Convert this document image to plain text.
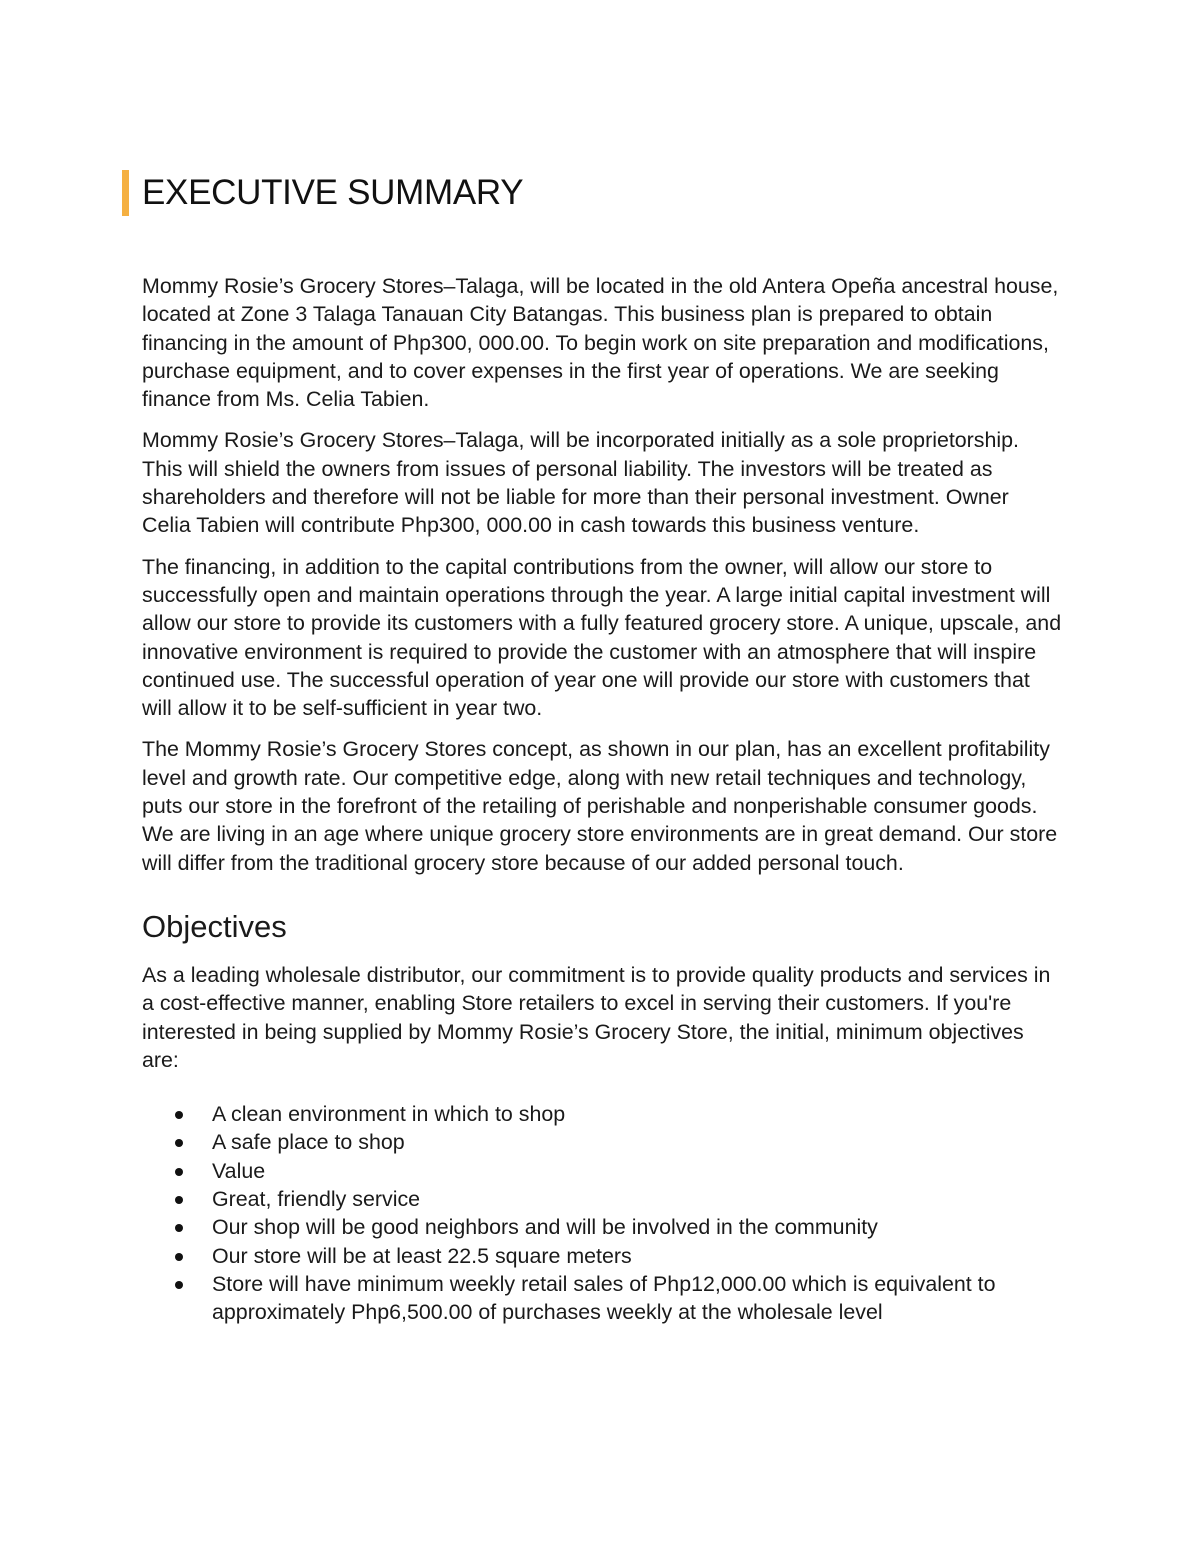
EXECUTIVE SUMMARY

Mommy Rosie’s Grocery Stores–Talaga, will be located in the old Antera Opeña ancestral house, located at Zone 3 Talaga Tanauan City Batangas. This business plan is prepared to obtain financing in the amount of Php300, 000.00. To begin work on site preparation and modifications, purchase equipment, and to cover expenses in the first year of operations. We are seeking finance from Ms. Celia Tabien.

Mommy Rosie’s Grocery Stores–Talaga, will be incorporated initially as a sole proprietorship. This will shield the owners from issues of personal liability. The investors will be treated as shareholders and therefore will not be liable for more than their personal investment. Owner Celia Tabien will contribute Php300, 000.00 in cash towards this business venture.

The financing, in addition to the capital contributions from the owner, will allow our store to successfully open and maintain operations through the year. A large initial capital investment will allow our store to provide its customers with a fully featured grocery store. A unique, upscale, and innovative environment is required to provide the customer with an atmosphere that will inspire continued use. The successful operation of year one will provide our store with customers that will allow it to be self-sufficient in year two.

The Mommy Rosie’s Grocery Stores concept, as shown in our plan, has an excellent profitability level and growth rate. Our competitive edge, along with new retail techniques and technology, puts our store in the forefront of the retailing of perishable and nonperishable consumer goods. We are living in an age where unique grocery store environments are in great demand. Our store will differ from the traditional grocery store because of our added personal touch.

Objectives

As a leading wholesale distributor, our commitment is to provide quality products and services in a cost-effective manner, enabling Store retailers to excel in serving their customers. If you're interested in being supplied by Mommy Rosie’s Grocery Store, the initial, minimum objectives are:

A clean environment in which to shop
A safe place to shop
Value
Great, friendly service
Our shop will be good neighbors and will be involved in the community
Our store will be at least 22.5 square meters
Store will have minimum weekly retail sales of Php12,000.00 which is equivalent to approximately Php6,500.00 of purchases weekly at the wholesale level
